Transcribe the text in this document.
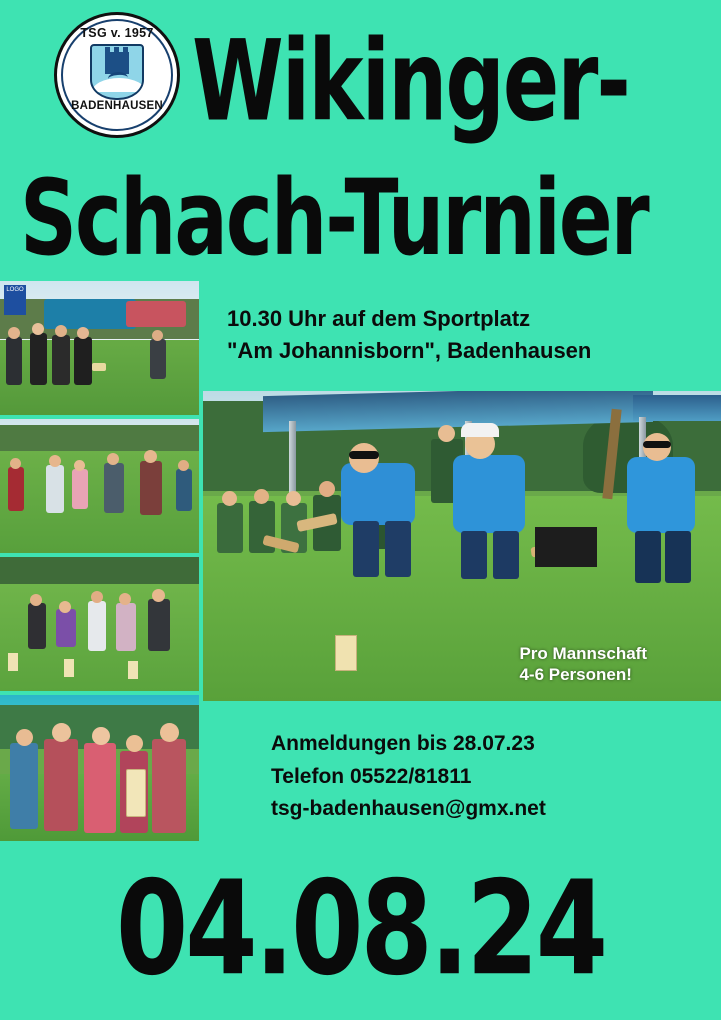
TSG v. 1957
BADENHAUSEN Wikinger-
Schach-Turnier
10.30 Uhr auf dem Sportplatz
"Am Johannisborn", Badenhausen
LOGO
Pro Mannschaft
4-6 Personen!
Anmeldungen bis 28.07.23
Telefon 05522/81811
tsg-badenhausen@gmx.net
04.08.24
